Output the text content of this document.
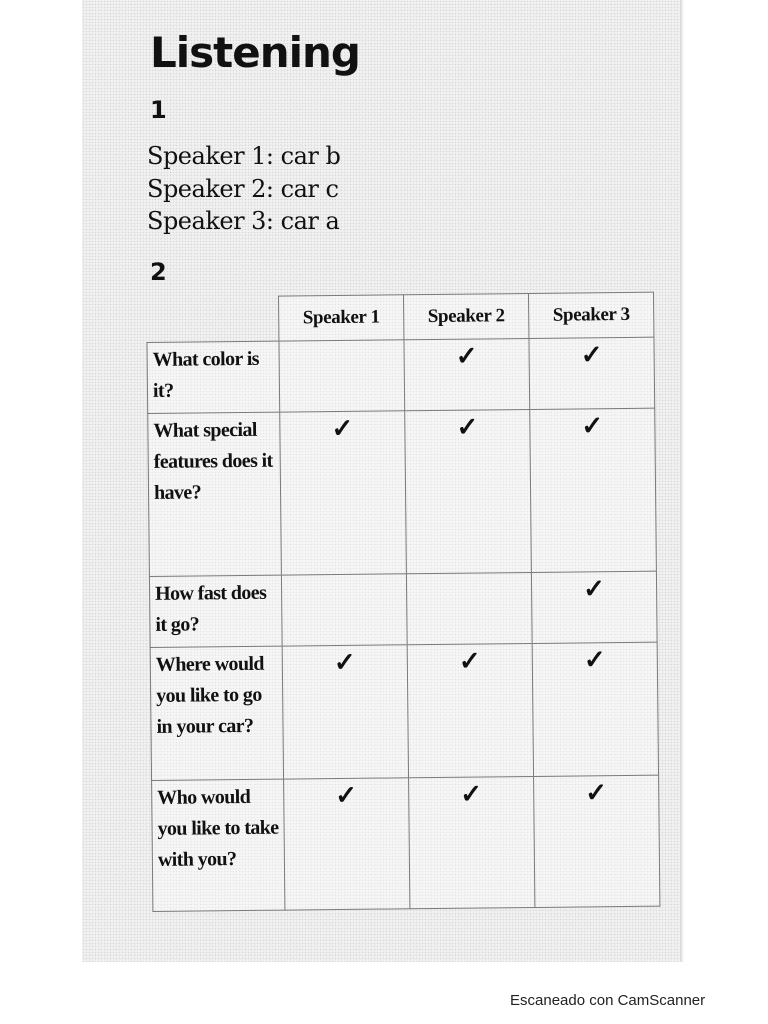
Listening
1
Speaker 1: car b
Speaker 2: car c
Speaker 3: car a
2
	Speaker 1	Speaker 2	Speaker 3
What color is it?		✓	✓
What special features does it have?	✓	✓	✓
How fast does it go?			✓
Where would you like to go in your car?	✓	✓	✓
Who would you like to take with you?	✓	✓	✓
Escaneado con CamScanner
